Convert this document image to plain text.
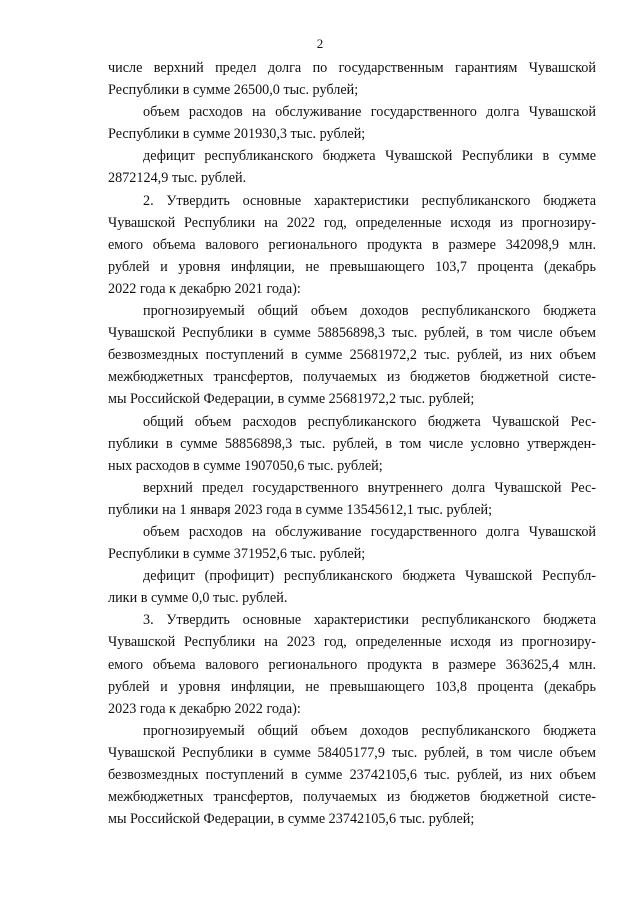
2
числе верхний предел долга по государственным гарантиям Чувашской
Республики в сумме 26500,0 тыс. рублей;
объем расходов на обслуживание государственного долга Чувашской
Республики в сумме 201930,3 тыс. рублей;
дефицит республиканского бюджета Чувашской Республики в сумме
2872124,9 тыс. рублей.
2. Утвердить основные характеристики республиканского бюджета
Чувашской Республики на 2022 год, определенные исходя из прогнозиру-
емого объема валового регионального продукта в размере 342098,9 млн.
рублей и уровня инфляции, не превышающего 103,7 процента (декабрь
2022 года к декабрю 2021 года):
прогнозируемый общий объем доходов республиканского бюджета
Чувашской Республики в сумме 58856898,3 тыс. рублей, в том числе объем
безвозмездных поступлений в сумме 25681972,2 тыс. рублей, из них объем
межбюджетных трансфертов, получаемых из бюджетов бюджетной систе-
мы Российской Федерации, в сумме 25681972,2 тыс. рублей;
общий объем расходов республиканского бюджета Чувашской Рес-
публики в сумме 58856898,3 тыс. рублей, в том числе условно утвержден-
ных расходов в сумме 1907050,6 тыс. рублей;
верхний предел государственного внутреннего долга Чувашской Рес-
публики на 1 января 2023 года в сумме 13545612,1 тыс. рублей;
объем расходов на обслуживание государственного долга Чувашской
Республики в сумме 371952,6 тыс. рублей;
дефицит (профицит) республиканского бюджета Чувашской Республ-
лики в сумме 0,0 тыс. рублей.
3. Утвердить основные характеристики республиканского бюджета
Чувашской Республики на 2023 год, определенные исходя из прогнозиру-
емого объема валового регионального продукта в размере 363625,4 млн.
рублей и уровня инфляции, не превышающего 103,8 процента (декабрь
2023 года к декабрю 2022 года):
прогнозируемый общий объем доходов республиканского бюджета
Чувашской Республики в сумме 58405177,9 тыс. рублей, в том числе объем
безвозмездных поступлений в сумме 23742105,6 тыс. рублей, из них объем
межбюджетных трансфертов, получаемых из бюджетов бюджетной систе-
мы Российской Федерации, в сумме 23742105,6 тыс. рублей;
